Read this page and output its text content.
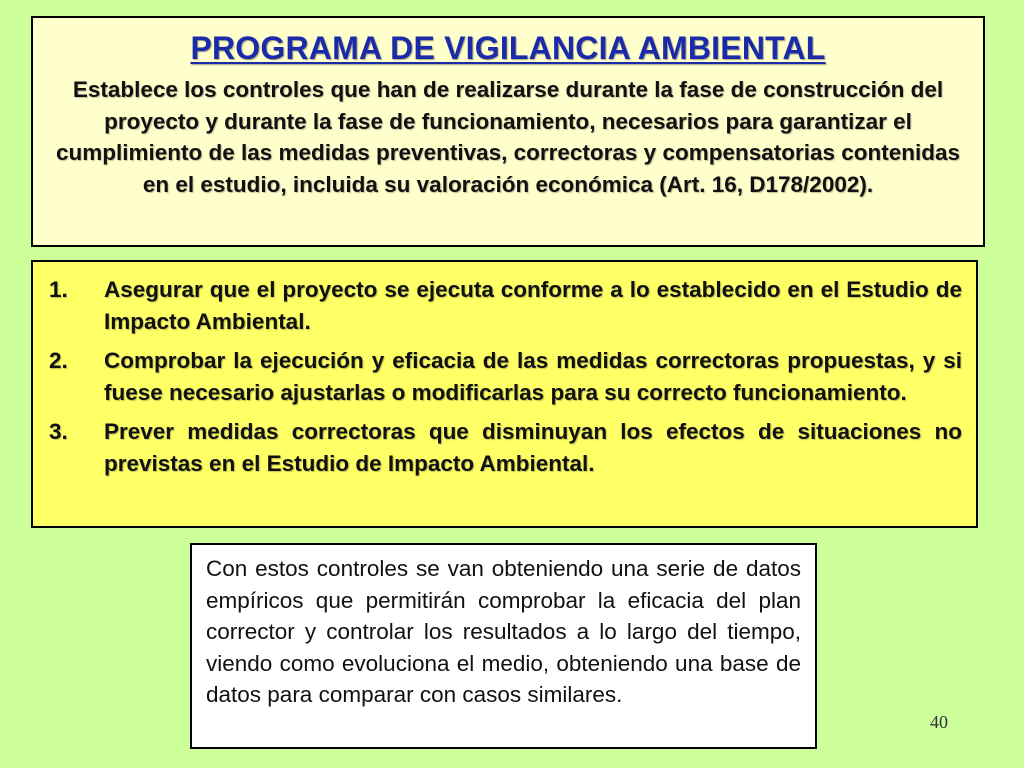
PROGRAMA DE VIGILANCIA AMBIENTAL
Establece los controles que han de realizarse durante la fase de construcción del proyecto y durante la fase de funcionamiento, necesarios para garantizar el cumplimiento de las medidas preventivas, correctoras y compensatorias contenidas en el estudio, incluida su valoración económica (Art. 16, D178/2002).
1.	Asegurar que el proyecto se ejecuta conforme a lo establecido en el Estudio de Impacto Ambiental.
2.	Comprobar la ejecución y eficacia de las medidas correctoras propuestas, y si fuese necesario ajustarlas o modificarlas para su correcto funcionamiento.
3.	Prever medidas correctoras que disminuyan los efectos de situaciones no previstas en el Estudio de Impacto Ambiental.
Con estos controles se van obteniendo una serie de datos empíricos que permitirán comprobar la eficacia del plan corrector y controlar los resultados a lo largo del tiempo, viendo como evoluciona el medio, obteniendo una base de datos para comparar con casos similares.
40
